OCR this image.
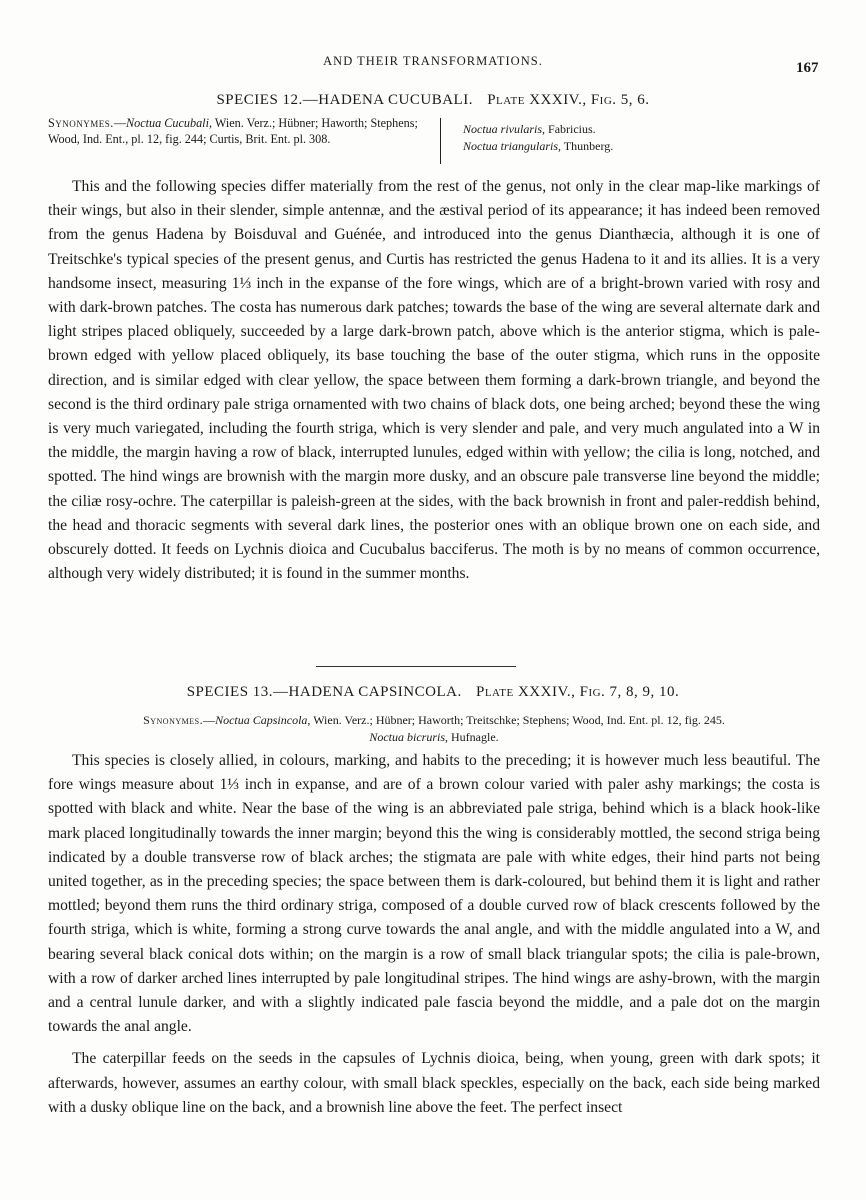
AND THEIR TRANSFORMATIONS.	167
SPECIES 12.—HADENA CUCUBALI. Plate XXXIV., Fig. 5, 6.
Synonymes.—Noctua Cucubali, Wien. Verz.; Hübner; Haworth; Stephens; Wood, Ind. Ent., pl. 12, fig. 244; Curtis, Brit. Ent. pl. 308.
Noctua rivularis, Fabricius.
Noctua triangularis, Thunberg.

This and the following species differ materially from the rest of the genus, not only in the clear map-like markings of their wings, but also in their slender, simple antennæ, and the æstival period of its appearance; it has indeed been removed from the genus Hadena by Boisduval and Guénée, and introduced into the genus Dianthæcia, although it is one of Treitschke's typical species of the present genus, and Curtis has restricted the genus Hadena to it and its allies. It is a very handsome insect, measuring 1⅓ inch in the expanse of the fore wings, which are of a bright-brown varied with rosy and with dark-brown patches. The costa has numerous dark patches; towards the base of the wing are several alternate dark and light stripes placed obliquely, succeeded by a large dark-brown patch, above which is the anterior stigma, which is pale-brown edged with yellow placed obliquely, its base touching the base of the outer stigma, which runs in the opposite direction, and is similar edged with clear yellow, the space between them forming a dark-brown triangle, and beyond the second is the third ordinary pale striga ornamented with two chains of black dots, one being arched; beyond these the wing is very much variegated, including the fourth striga, which is very slender and pale, and very much angulated into a W in the middle, the margin having a row of black, interrupted lunules, edged within with yellow; the cilia is long, notched, and spotted. The hind wings are brownish with the margin more dusky, and an obscure pale transverse line beyond the middle; the ciliæ rosy-ochre. The caterpillar is paleish-green at the sides, with the back brownish in front and paler-reddish behind, the head and thoracic segments with several dark lines, the posterior ones with an oblique brown one on each side, and obscurely dotted. It feeds on Lychnis dioica and Cucubalus bacciferus. The moth is by no means of common occurrence, although very widely distributed; it is found in the summer months.

SPECIES 13.—HADENA CAPSINCOLA. Plate XXXIV., Fig. 7, 8, 9, 10.
Synonymes.—Noctua Capsincola, Wien. Verz.; Hübner; Haworth; Treitschke; Stephens; Wood, Ind. Ent. pl. 12, fig. 245.
Noctua bicruris, Hufnagle.

This species is closely allied, in colours, marking, and habits to the preceding; it is however much less beautiful. The fore wings measure about 1⅓ inch in expanse, and are of a brown colour varied with paler ashy markings; the costa is spotted with black and white. Near the base of the wing is an abbreviated pale striga, behind which is a black hook-like mark placed longitudinally towards the inner margin; beyond this the wing is considerably mottled, the second striga being indicated by a double transverse row of black arches; the stigmata are pale with white edges, their hind parts not being united together, as in the preceding species; the space between them is dark-coloured, but behind them it is light and rather mottled; beyond them runs the third ordinary striga, composed of a double curved row of black crescents followed by the fourth striga, which is white, forming a strong curve towards the anal angle, and with the middle angulated into a W, and bearing several black conical dots within; on the margin is a row of small black triangular spots; the cilia is pale-brown, with a row of darker arched lines interrupted by pale longitudinal stripes. The hind wings are ashy-brown, with the margin and a central lunule darker, and with a slightly indicated pale fascia beyond the middle, and a pale dot on the margin towards the anal angle.

The caterpillar feeds on the seeds in the capsules of Lychnis dioica, being, when young, green with dark spots; it afterwards, however, assumes an earthy colour, with small black speckles, especially on the back, each side being marked with a dusky oblique line on the back, and a brownish line above the feet. The perfect insect
